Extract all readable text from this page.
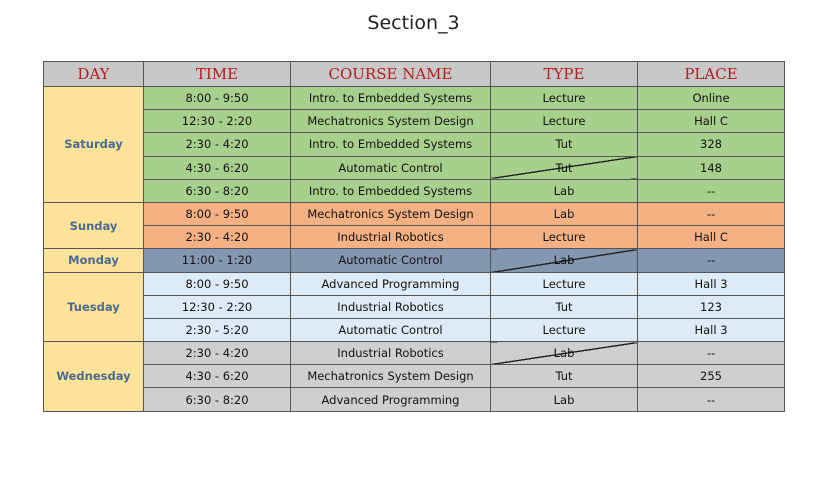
Section_3
DAY	TIME	COURSE NAME	TYPE	PLACE
Saturday	8:00 - 9:50	Intro. to Embedded Systems	Lecture	Online
	12:30 - 2:20	Mechatronics System Design	Lecture	Hall C
	2:30 - 4:20	Intro. to Embedded Systems	Tut	328
	4:30 - 6:20	Automatic Control	Tut	148
	6:30 - 8:20	Intro. to Embedded Systems	Lab	--
Sunday	8:00 - 9:50	Mechatronics System Design	Lab	--
	2:30 - 4:20	Industrial Robotics	Lecture	Hall C
Monday	11:00 - 1:20	Automatic Control	Lab	--
Tuesday	8:00 - 9:50	Advanced Programming	Lecture	Hall 3
	12:30 - 2:20	Industrial Robotics	Tut	123
	2:30 - 5:20	Automatic Control	Lecture	Hall 3
Wednesday	2:30 - 4:20	Industrial Robotics	Lab	--
	4:30 - 6:20	Mechatronics System Design	Tut	255
	6:30 - 8:20	Advanced Programming	Lab	--
